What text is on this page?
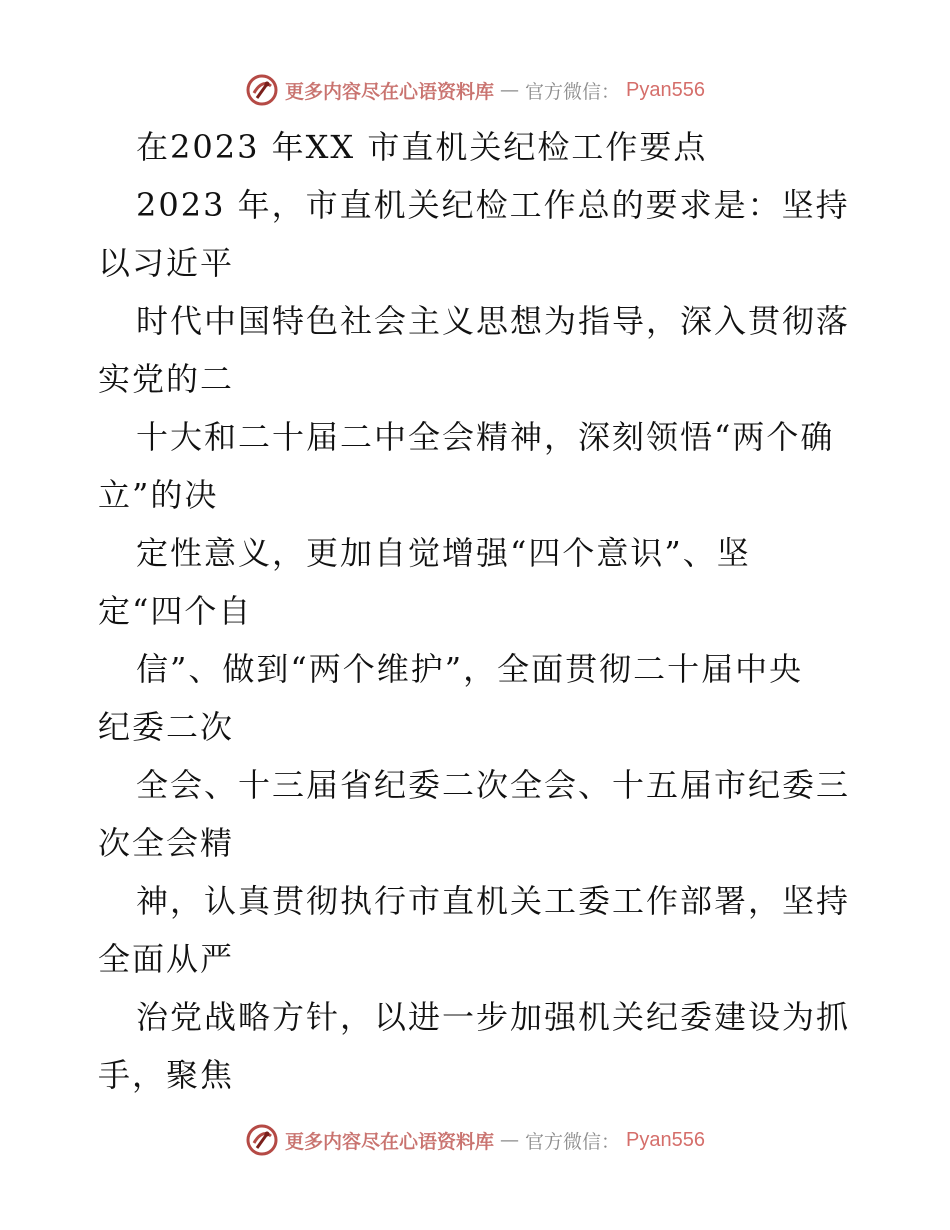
更多内容尽在心语资料库 — 官方微信： Pyan556
在2023 年XX 市直机关纪检工作要点
2023 年，市直机关纪检工作总的要求是：坚持
以习近平
时代中国特色社会主义思想为指导，深入贯彻落
实党的二
十大和二十届二中全会精神，深刻领悟“两个确
立”的决
定性意义，更加自觉增强“四个意识”、坚
定“四个自
信”、做到“两个维护”，全面贯彻二十届中央
纪委二次
全会、十三届省纪委二次全会、十五届市纪委三
次全会精
神，认真贯彻执行市直机关工委工作部署，坚持
全面从严
治党战略方针，以进一步加强机关纪委建设为抓
手，聚焦
更多内容尽在心语资料库 — 官方微信： Pyan556
